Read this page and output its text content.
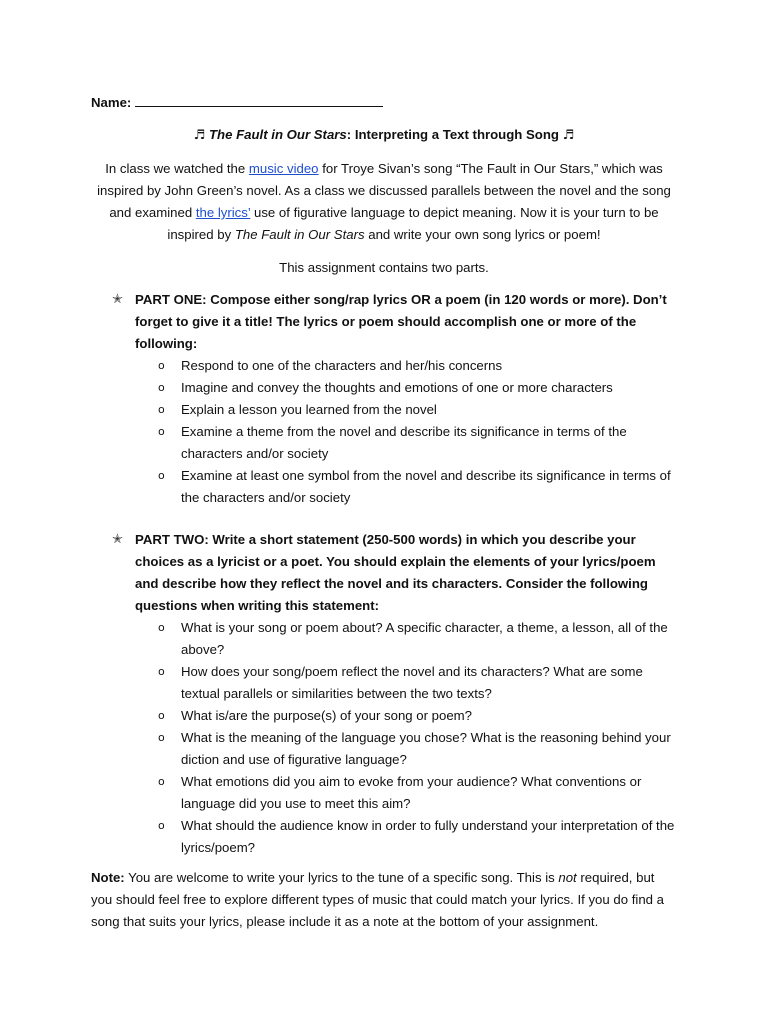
Name:
♬ The Fault in Our Stars: Interpreting a Text through Song ♬
In class we watched the music video for Troye Sivan’s song “The Fault in Our Stars,” which was inspired by John Green’s novel. As a class we discussed parallels between the novel and the song and examined the lyrics’ use of figurative language to depict meaning. Now it is your turn to be inspired by The Fault in Our Stars and write your own song lyrics or poem!
This assignment contains two parts.
✭ PART ONE: Compose either song/rap lyrics OR a poem (in 120 words or more). Don’t forget to give it a title! The lyrics or poem should accomplish one or more of the following:
o Respond to one of the characters and her/his concerns
o Imagine and convey the thoughts and emotions of one or more characters
o Explain a lesson you learned from the novel
o Examine a theme from the novel and describe its significance in terms of the characters and/or society
o Examine at least one symbol from the novel and describe its significance in terms of the characters and/or society
✭ PART TWO: Write a short statement (250-500 words) in which you describe your choices as a lyricist or a poet. You should explain the elements of your lyrics/poem and describe how they reflect the novel and its characters. Consider the following questions when writing this statement:
o What is your song or poem about? A specific character, a theme, a lesson, all of the above?
o How does your song/poem reflect the novel and its characters? What are some textual parallels or similarities between the two texts?
o What is/are the purpose(s) of your song or poem?
o What is the meaning of the language you chose? What is the reasoning behind your diction and use of figurative language?
o What emotions did you aim to evoke from your audience? What conventions or language did you use to meet this aim?
o What should the audience know in order to fully understand your interpretation of the lyrics/poem?
Note: You are welcome to write your lyrics to the tune of a specific song. This is not required, but you should feel free to explore different types of music that could match your lyrics. If you do find a song that suits your lyrics, please include it as a note at the bottom of your assignment.
